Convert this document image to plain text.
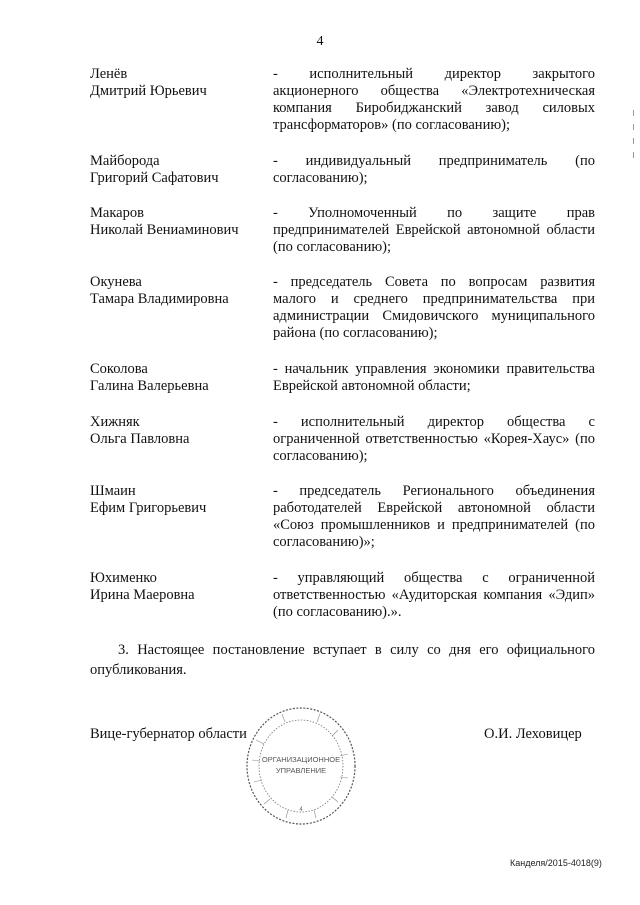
4
Ленёв
Дмитрий Юрьевич
- исполнительный директор закрытого акционерного общества «Электротехническая компания Биробиджанский завод силовых трансформаторов» (по согласованию);
Майборода
Григорий Сафатович
- индивидуальный предприниматель (по согласованию);
Макаров
Николай Вениаминович
- Уполномоченный по защите прав предпринимателей Еврейской автономной области (по согласованию);
Окунева
Тамара Владимировна
- председатель Совета по вопросам развития малого и среднего предпринимательства при администрации Смидовичского муниципального района (по согласованию);
Соколова
Галина Валерьевна
- начальник управления экономики правительства Еврейской автономной области;
Хижняк
Ольга Павловна
- исполнительный директор общества с ограниченной ответственностью «Корея-Хаус» (по согласованию);
Шмаин
Ефим Григорьевич
- председатель Регионального объединения работодателей Еврейской автономной области «Союз промышленников и предпринимателей (по согласованию)»;
Юхименко
Ирина Маеровна
- управляющий общества с ограниченной ответственностью «Аудиторская компания «Эдип» (по согласованию).».
3. Настоящее постановление вступает в силу со дня его официального опубликования.
Вице-губернатор области	О.И. Леховицер
ОРГАНИЗАЦИОННОЕ
УПРАВЛЕНИЕ
4
Канделя/2015-4018(9)
